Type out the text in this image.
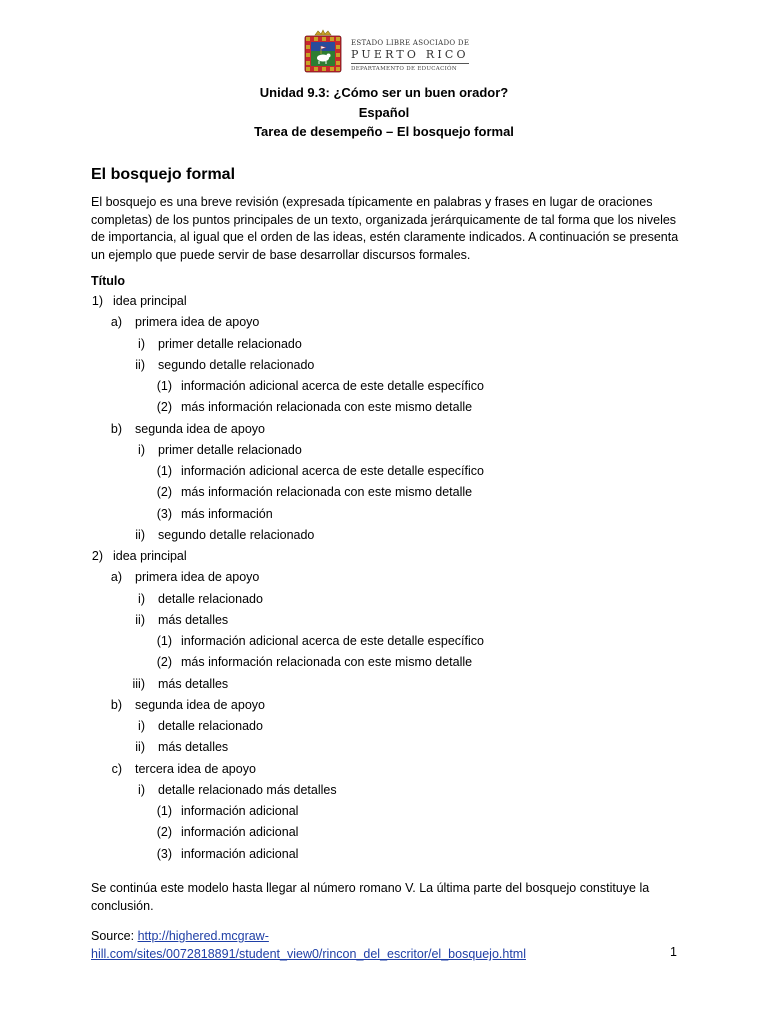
ESTADO LIBRE ASOCIADO DE
PUERTO RICO
DEPARTAMENTO DE EDUCACIÓN
Unidad 9.3: ¿Cómo ser un buen orador?
Español
Tarea de desempeño – El bosquejo formal
El bosquejo formal
El bosquejo es una breve revisión (expresada típicamente en palabras y frases en lugar de oraciones completas) de los puntos principales de un texto, organizada jerárquicamente de tal forma que los niveles de importancia, al igual que el orden de las ideas, estén claramente indicados. A continuación se presenta un ejemplo que puede servir de base desarrollar discursos formales.
Título
1) idea principal
a) primera idea de apoyo
i) primer detalle relacionado
ii) segundo detalle relacionado
(1) información adicional acerca de este detalle específico
(2) más información relacionada con este mismo detalle
b) segunda idea de apoyo
i) primer detalle relacionado
(1) información adicional acerca de este detalle específico
(2) más información relacionada con este mismo detalle
(3) más información
ii) segundo detalle relacionado
2) idea principal
a) primera idea de apoyo
i) detalle relacionado
ii) más detalles
(1) información adicional acerca de este detalle específico
(2) más información relacionada con este mismo detalle
iii) más detalles
b) segunda idea de apoyo
i) detalle relacionado
ii) más detalles
c) tercera idea de apoyo
i) detalle relacionado más detalles
(1) información adicional
(2) información adicional
(3) información adicional
Se continúa este modelo hasta llegar al número romano V. La última parte del bosquejo constituye la conclusión.
Source: http://highered.mcgraw-
hill.com/sites/0072818891/student_view0/rincon_del_escritor/el_bosquejo.html	1
